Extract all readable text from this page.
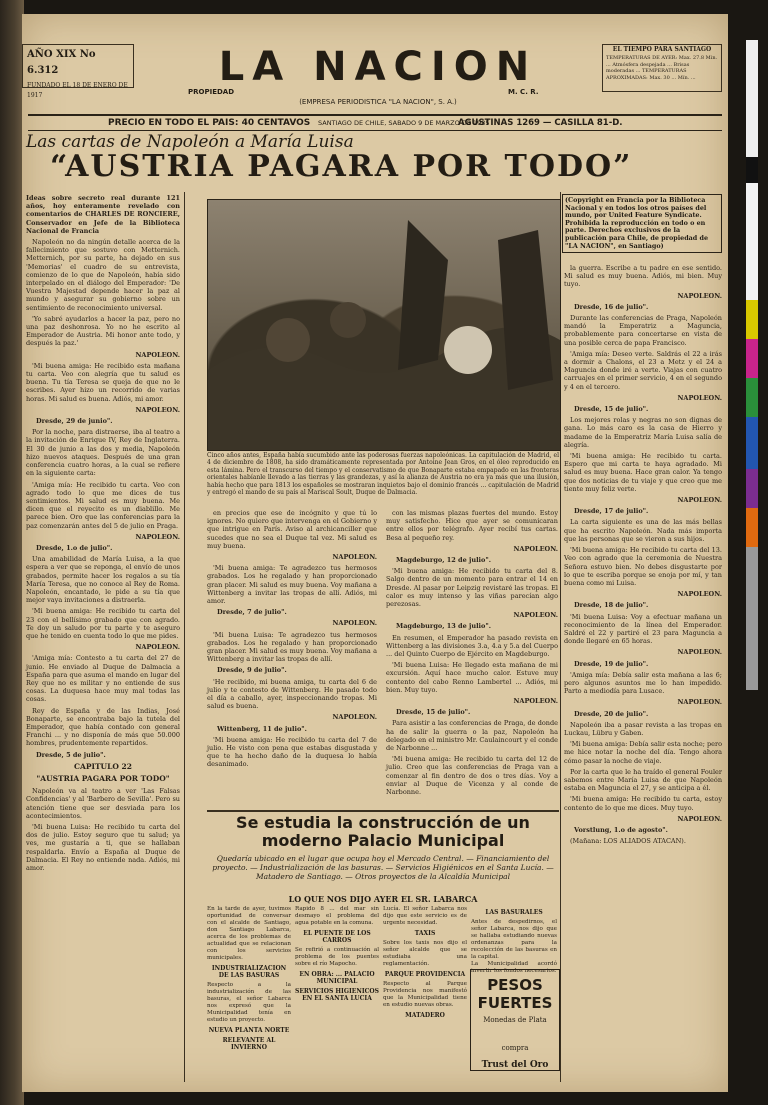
AÑO XIX No 6.312
FUNDADO EL 18 DE ENERO DE 1917
LA NACION
PROPIEDAD
(EMPRESA PERIODISTICA "LA NACION", S. A.)
M. C. R.
EL TIEMPO PARA SANTIAGO
TEMPERATURAS DE AYER: Max. 27.8 Min. ... Atmósfera despejada ... Brisas moderadas ... TEMPERATURAS APROXIMADAS: Max. 30 ... Mín. ...
PRECIO EN TODO EL PAIS: 40 CENTAVOS SANTIAGO DE CHILE, SABADO 9 DE MARZO DE 1935
AGUSTINAS 1269 — CASILLA 81-D.
Las cartas de Napoleón a María Luisa
“AUSTRIA PAGARA POR TODO”

Ideas sobre secreto real durante 121 años, hoy enteramente revelado con comentarios de CHARLES DE RONCIERE, Conservador en Jefe de la Biblioteca Nacional de Francia

Napoleón no da ningún detalle acerca de la fallecimiento que sostuvo con Metternich. Metternich, por su parte, ha dejado en sus 'Memorias' el cuadro de su entrevista, comienzo de lo que de Napoleón, había sido interpelado en el diálogo del Emperador: 'De Vuestra Majestad depende hacer la paz al mundo y asegurar su gobierno sobre un sentimiento de reconocimiento universal.

'Yo sabré ayudarlos a hacer la paz, pero no una paz deshonrosa. Yo no he escrito al Emperador de Austria. Mi honor ante todo, y después la paz.'

NAPOLEON.

'Mi buena amiga: He recibido esta mañana tu carta. Veo con alegría que tu salud es buena. Tu tía Teresa se queja de que no le escribes. Ayer hizo un recorrido de varias horas. Mi salud es buena. Adiós, mi amor.

NAPOLEON.

Dresde, 29 de junio".

Por la noche, para distraerse, iba al teatro a la invitación de Enrique IV, Rey de Inglaterra. El 30 de junio a las dos y media, Napoleón hizo nuevos ataques. Después de una gran conferencia cuatro horas, a la cual se refiere en la siguiente carta:

'Amiga mía: He recibido tu carta. Veo con agrado todo lo que me dices de tus sentimientos. Mi salud es muy buena. Me dicen que el reyecito es un diablillo. Me parece bien. Oro que las conferencias para la paz comenzarán antes del 5 de julio en Praga.

NAPOLEON.

Dresde, 1.o de julio".

Una amabilidad de María Luisa, a la que espera a ver que se reponga, el envío de unos grabados, permite hacer los regalos a su tía María Teresa, que no conoce al Rey de Roma. Napoleón, encantado, le pide a su tía que mejor vaya invitaciones a distraerla.

'Mi buena amiga: He recibido tu carta del 23 con el bellísimo grabado que con agrado. Te doy un saludo por tu parte y te aseguro que he tenido en cuenta todo lo que me pides.

NAPOLEON.

'Amiga mía: Contesto a tu carta del 27 de junio. He enviado al Duque de Dalmacia a España para que asuma el mando en lugar del Rey que no es militar y no entiende de sus cosas. La duquesa hace muy mal todas las cosas.

Rey de España y de las Indias, José Bonaparte, se encontraba bajo la tutela del Emperador, que había contado con general Franchi ... y no disponía de más que 50.000 hombres, prudentemente repartidos.

Dresde, 5 de julio".

CAPITULO 22

"AUSTRIA PAGARA POR TODO"

Napoleón va al teatro a ver 'Las Falsas Confidencias' y al 'Barbero de Sevilla'. Pero su atención tiene que ser desviada para los acontecimientos.

'Mi buena Luisa: He recibido tu carta del dos de julio. Estoy seguro que tu salud; ya ves, me gustaría a ti, que se hallaban respaldarla. Envío a España al Duque de Dalmacia. El Rey no entiende nada. Adiós, mi amor.

Cinco años antes, España había sucumbido ante las poderosas fuerzas napoleónicas. La capitulación de Madrid, el 4 de diciembre de 1808, ha sido dramáticamente representada por Antoine Jean Gros, en el óleo reproducido en esta lámina. Pero el transcurso del tiempo y el conservatismo de que Bonaparte estaba empapado en las fronteras orientales habíanle llevado a las tierras y las grandezas, y así la alianza de Austria no era ya más que una ilusión, había hecho que para 1813 los españoles se mostraran inquietos bajo el dominio francés ... capitulación de Madrid y entregó el mando de su país al Mariscal Soult, Duque de Dalmacia.

en precios que ese de incógnito y que tú lo ignores. No quiero que intervenga en el Gobierno y que intrigue en París. Aviso al archicanciller que sucedes que no sea el Duque tal vez. Mi salud es muy buena.

NAPOLEON.

'Mi buena amiga: Te agradezco tus hermosos grabados. Los he regalado y han proporcionado gran placer. Mi salud es muy buena. Voy mañana a Wittenberg a invitar las tropas de allí. Adiós, mi amor.

Dresde, 7 de julio".

NAPOLEON.

'Mi buena Luisa: Te agradezco tus hermosos grabados. Los he regalado y han proporcionado gran placer. Mi salud es muy buena. Voy mañana a Wittenberg a invitar las tropas de allí.

Dresde, 9 de julio".

'He recibido, mi buena amiga, tu carta del 6 de julio y te contesto de Wittenberg. He pasado todo el día a caballo, ayer, inspeccionando tropas. Mi salud es buena.

NAPOLEON.

Wittenberg, 11 de julio".

'Mi buena amiga: He recibido tu carta del 7 de julio. He visto con pena que estabas disgustada y que te ha hecho daño de la duquesa lo había desanimado.

con las mismas plazas fuertes del mundo. Estoy muy satisfecho. Hice que ayer se comunicaran entre ellos por telégrafo. Ayer recibí tus cartas. Besa al pequeño rey.

NAPOLEON.

Magdeburgo, 12 de julio".

'Mi buena amiga: He recibido tu carta del 8. Salgo dentro de un momento para entrar el 14 en Dresde. Al pasar por Leipzig revistaré las tropas. El calor es muy intenso y las viñas parecían algo perezosas.

NAPOLEON.

Magdeburgo, 13 de julio".

En resumen, el Emperador ha pasado revista en Wittenberg a las divisiones 3.a, 4.a y 5.a del Cuerpo ... del Quinto Cuerpo de Ejército en Magdeburgo.

'Mi buena Luisa: He llegado esta mañana de mi excursión. Aquí hace mucho calor. Estuve muy contento del cabo Renno Lambertel ... Adiós, mi bien. Muy tuyo.

NAPOLEON.

Dresde, 15 de julio".

Para asistir a las conferencias de Praga, de donde ha de salir la guerra o la paz, Napoleón ha delegado en el ministro Mr. Caulaincourt y el conde de Narbonne ...

'Mi buena amiga: He recibido tu carta del 12 de julio. Creo que las conferencias de Praga van a comenzar al fin dentro de dos o tres días. Voy a enviar al Duque de Vicenza y al conde de Narbonne.

(Copyright en Francia por la Biblioteca Nacional y en todos los otros países del mundo, por United Feature Syndicate. Prohibida la reproducción en todo o en parte. Derechos exclusivos de la publicación para Chile, de propiedad de "LA NACION", en Santiago)

la guerra. Escribe a tu padre en ese sentido. Mi salud es muy buena. Adiós, mi bien. Muy tuyo.

NAPOLEON.

Dresde, 16 de julio".

Durante las conferencias de Praga, Napoleón mandó la Emperatriz a Maguncia, probablemente para concertarse en vista de una posible cerca de papa Francisco.

'Amiga mía: Deseo verte. Saldrás el 22 a irás a dormir a Chalons, el 23 a Metz y el 24 a Maguncia donde iré a verte. Viajas con cuatro carruajes en el primer servicio, 4 en el segundo y 4 en el tercero.

NAPOLEON.

Dresde, 15 de julio".

Los mejores rolas y negras no son dignas de gana. Lo más caro es la casa de Hierro y madame de la Emperatriz María Luisa salía de alegría.

'Mi buena amiga: He recibido tu carta. Espero que mi carta te haya agradado. Mi salud es muy buena. Hace gran calor. Ya tengo que dos noticias de tu viaje y que creo que me tiente muy feliz verte.

NAPOLEON.

Dresde, 17 de julio".

La carta siguiente es una de las más bellas que ha escrito Napoleón. Nada más importa que las personas que se vieron a sus hijos.

'Mi buena amiga: He recibido tu carta del 13. Veo con agrado que la ceremonia de Nuestra Señora estuvo bien. No debes disgustarte por lo que te escriba porque se enoja por mí, y tan buena como mi Luisa.

NAPOLEON.

Dresde, 18 de julio".

'Mi buena Luisa: Voy a efectuar mañana un reconocimiento de la línea del Emperador. Saldré el 22 y partiré el 23 para Maguncia a donde llegaré en 65 horas.

NAPOLEON.

Dresde, 19 de julio".

'Amiga mía: Debía salir esta mañana a las 6; pero algunos asuntos me lo han impedido. Parto a mediodía para Lusace.

NAPOLEON.

Dresde, 20 de julio".

Napoleón iba a pasar revista a las tropas en Luckau, Lübru y Gaben.

'Mi buena amiga: Debía salir esta noche; pero me hice notar la noche del día. Tengo ahora cómo pasar la noche de viaje.

Por la carta que le ha traído el general Fouler sabemos entre María Luisa de que Napoleón estaba en Maguncia el 27, y se anticipa a él.

'Mi buena amiga: He recibido tu carta, estoy contento de lo que me dices. Muy tuyo.

NAPOLEON.

Vorstlung, 1.o de agosto".

(Mañana: LOS ALIADOS ATACAN).

Se estudia la construcción de un moderno Palacio Municipal
Quedaría ubicado en el lugar que ocupa hoy el Mercado Central. — Financiamiento del proyecto. — Industrialización de las basuras. — Servicios Higiénicos en el Santa Lucía. — Matadero de Santiago. — Otros proyectos de la Alcaldía Municipal
LO QUE NOS DIJO AYER EL SR. LABARCA
En la tarde de ayer, tuvimos oportunidad de conversar con el alcalde de Santiago, don Santiago Labarca, acerca de los problemas de actualidad que se relacionan con los servicios municipales.
INDUSTRIALIZACION DE LAS BASURAS
Respecto a la industrialización de las basuras, el señor Labarca nos expresó que la Municipalidad tenía en estudio un proyecto.
NUEVA PLANTA NORTE
RELEVANTE AL INVIERNO
Rapido 8 ... del mar sin desmayo el problema del agua potable en la comuna.
EL PUENTE DE LOS CARROS
Se refirió a continuación al problema de los puentes sobre el río Mapocho.
EN OBRA: ... PALACIO MUNICIPAL
SERVICIOS HIGIENICOS EN EL SANTA LUCIA
Lucía. El señor Labarca nos dijo que este servicio es de urgente necesidad.
TAXIS
Sobre los taxis nos dijo el señor alcalde que se estudiaba una reglamentación.
PARQUE PROVIDENCIA
Respecto al Parque Providencia nos manifestó que la Municipalidad tiene en estudio nuevas obras.
MATADERO
LAS BASURALES
Antes de despedirnos, el señor Labarca, nos dijo que se hallaba estudiando nuevas ordenanzas para la recolección de las basuras en la capital.
La Municipalidad acordó invertir los fondos necesarios.
PESOS FUERTES
Monedas de Plata
compra
Trust del Oro
